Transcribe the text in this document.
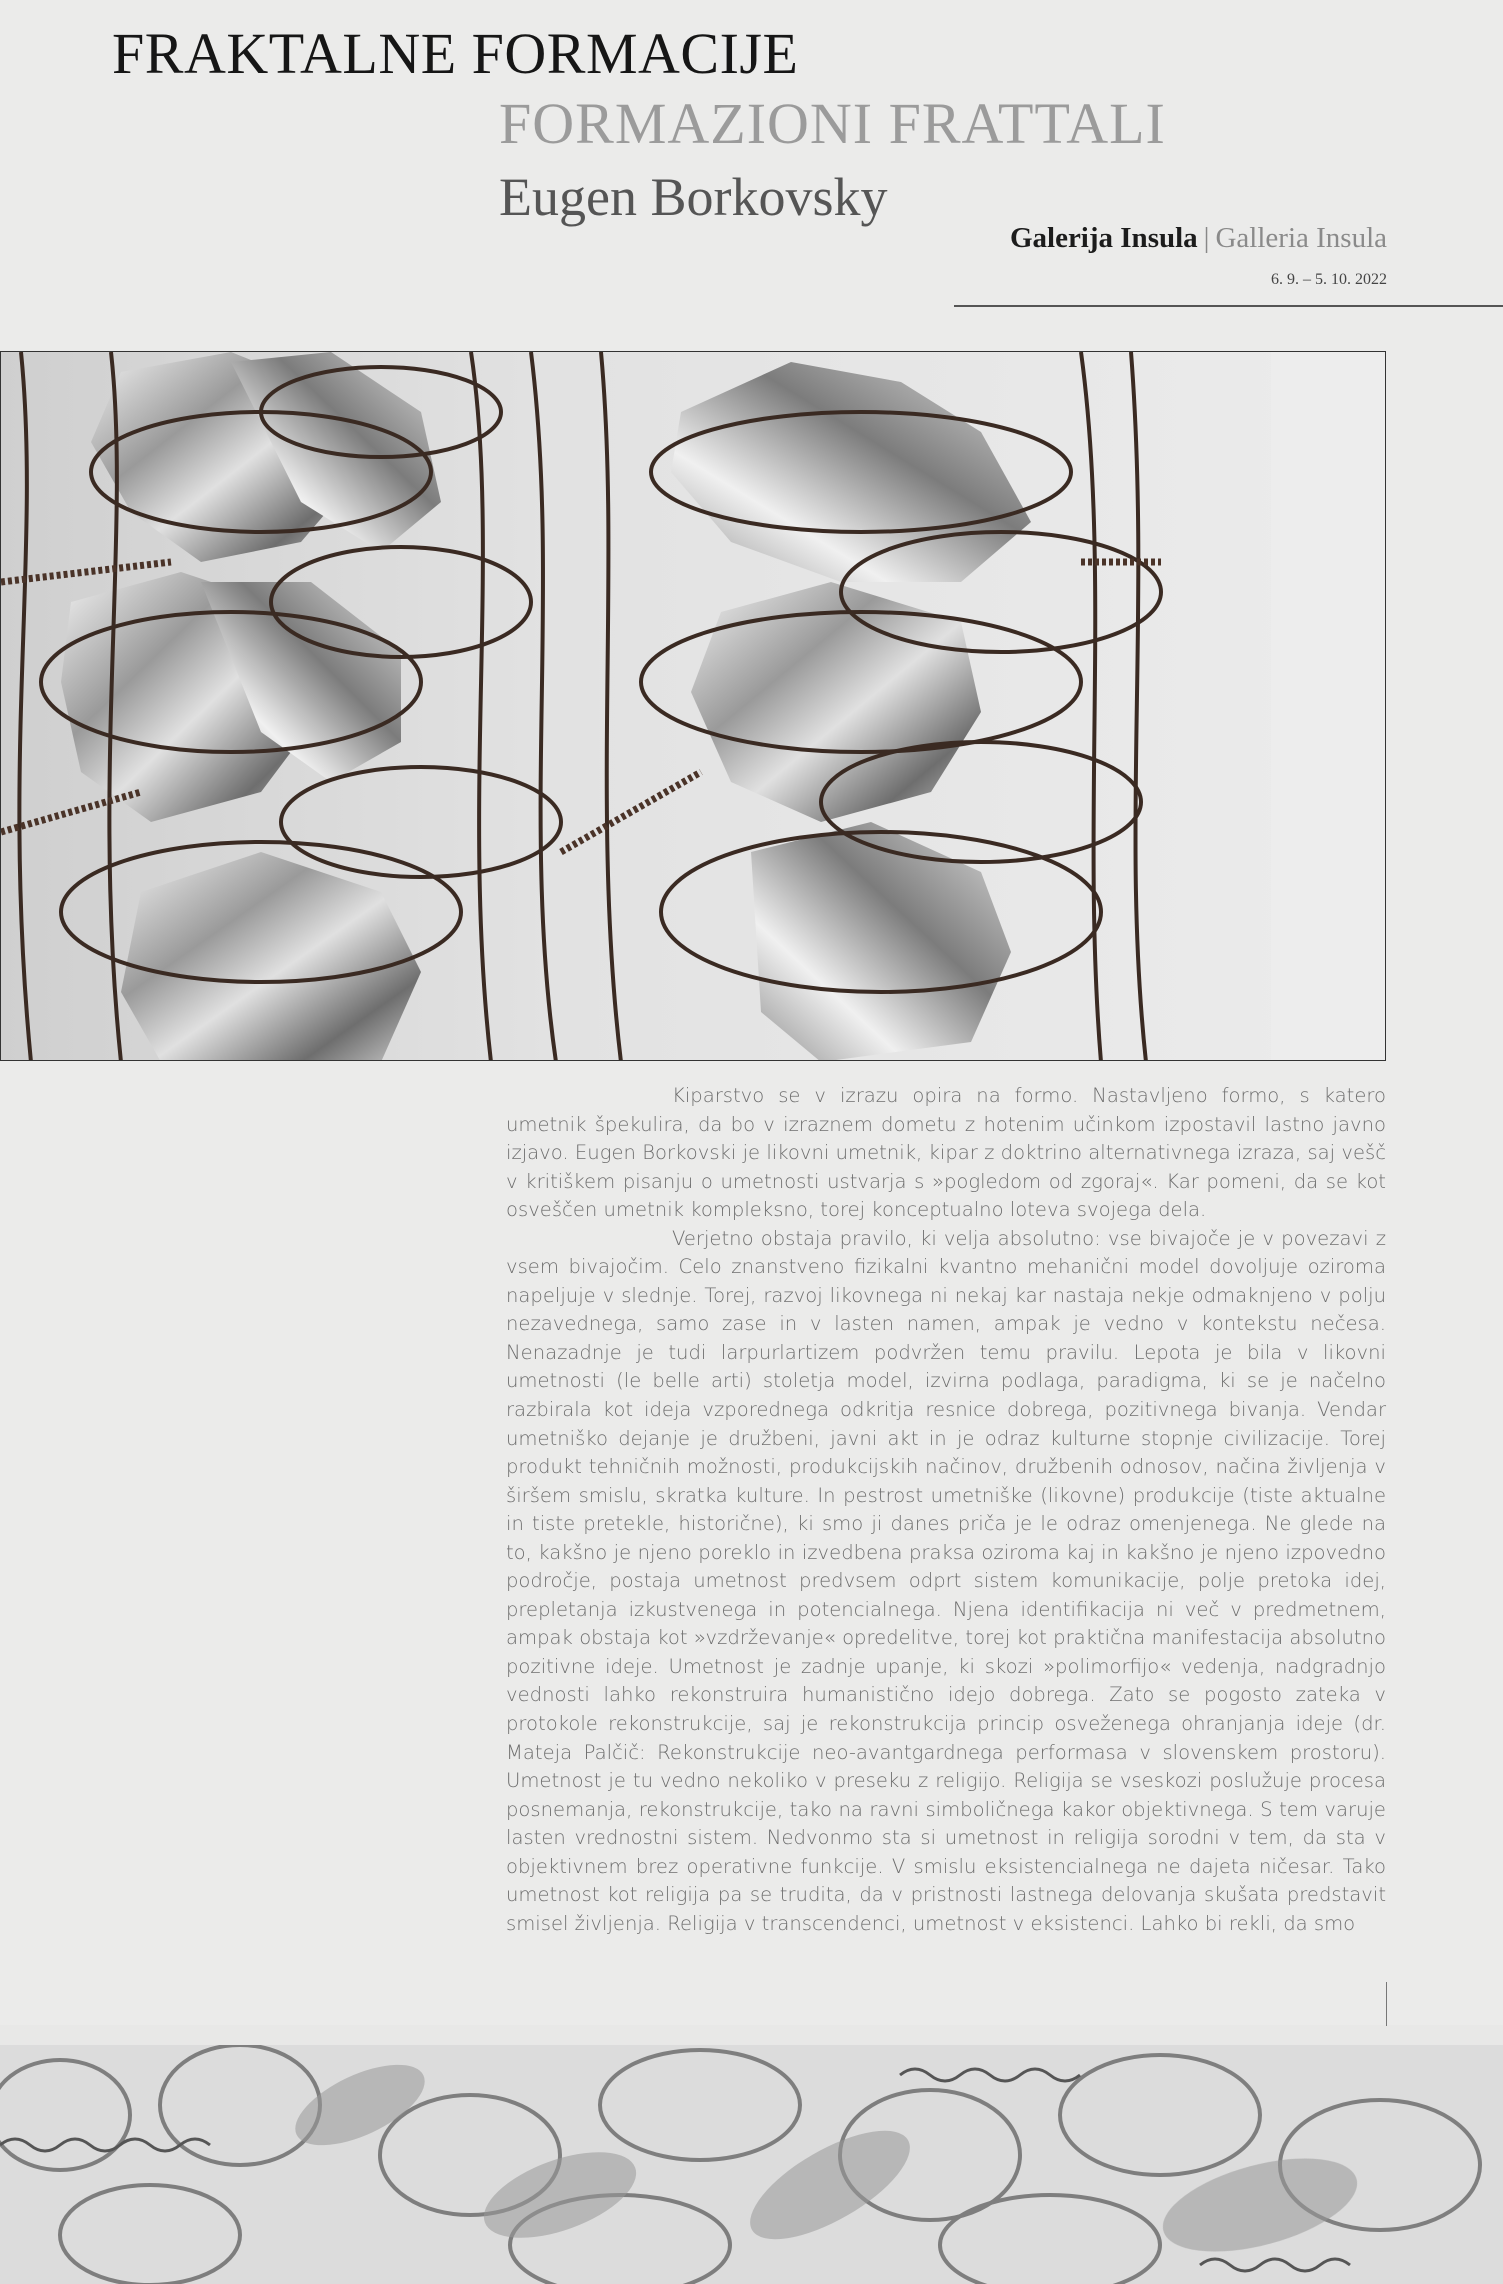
FRAKTALNE FORMACIJE
FORMAZIONI FRATTALI
Eugen Borkovsky
Galerija Insula | Galleria Insula
6. 9. – 5. 10. 2022

Kiparstvo se v izrazu opira na formo. Nastavljeno formo, s katero umetnik špekulira, da bo v izraznem dometu z hotenim učinkom izpostavil lastno javno izjavo. Eugen Borkovski je likovni umetnik, kipar z doktrino alternativnega izraza, saj vešč v kritiškem pisanju o umetnosti ustvarja s »pogledom od zgoraj«. Kar pomeni, da se kot osveščen umetnik kompleksno, torej konceptualno loteva svojega dela.

Verjetno obstaja pravilo, ki velja absolutno: vse bivajoče je v povezavi z vsem bivajočim. Celo znanstveno fizikalni kvantno mehanični model dovoljuje oziroma napeljuje v slednje. Torej, razvoj likovnega ni nekaj kar nastaja nekje odmaknjeno v polju nezavednega, samo zase in v lasten namen, ampak je vedno v kontekstu nečesa. Nenazadnje je tudi larpurlartizem podvržen temu pravilu. Lepota je bila v likovni umetnosti (le belle arti) stoletja model, izvirna podlaga, paradigma, ki se je načelno razbirala kot ideja vzporednega odkritja resnice dobrega, pozitivnega bivanja. Vendar umetniško dejanje je družbeni, javni akt in je odraz kulturne stopnje civilizacije. Torej produkt tehničnih možnosti, produkcijskih načinov, družbenih odnosov, načina življenja v širšem smislu, skratka kulture. In pestrost umetniške (likovne) produkcije (tiste aktualne in tiste pretekle, historične), ki smo ji danes priča je le odraz omenjenega. Ne glede na to, kakšno je njeno poreklo in izvedbena praksa oziroma kaj in kakšno je njeno izpovedno področje, postaja umetnost predvsem odprt sistem komunikacije, polje pretoka idej, prepletanja izkustvenega in potencialnega. Njena identifikacija ni več v predmetnem, ampak obstaja kot »vzdrževanje« opredelitve, torej kot praktična manifestacija absolutno pozitivne ideje. Umetnost je zadnje upanje, ki skozi »polimorfijo« vedenja, nadgradnjo vednosti lahko rekonstruira humanistično idejo dobrega. Zato se pogosto zateka v protokole rekonstrukcije, saj je rekonstrukcija princip osveženega ohranjanja ideje (dr. Mateja Palčič: Rekonstrukcije neo-avantgardnega performasa v slovenskem prostoru). Umetnost je tu vedno nekoliko v preseku z religijo. Religija se vseskozi poslužuje procesa posnemanja, rekonstrukcije, tako na ravni simboličnega kakor objektivnega. S tem varuje lasten vrednostni sistem. Nedvonmo sta si umetnost in religija sorodni v tem, da sta v objektivnem brez operativne funkcije. V smislu eksistencialnega ne dajeta ničesar. Tako umetnost kot religija pa se trudita, da v pristnosti lastnega delovanja skušata predstavit smisel življenja. Religija v transcendenci, umetnost v eksistenci. Lahko bi rekli, da smo
